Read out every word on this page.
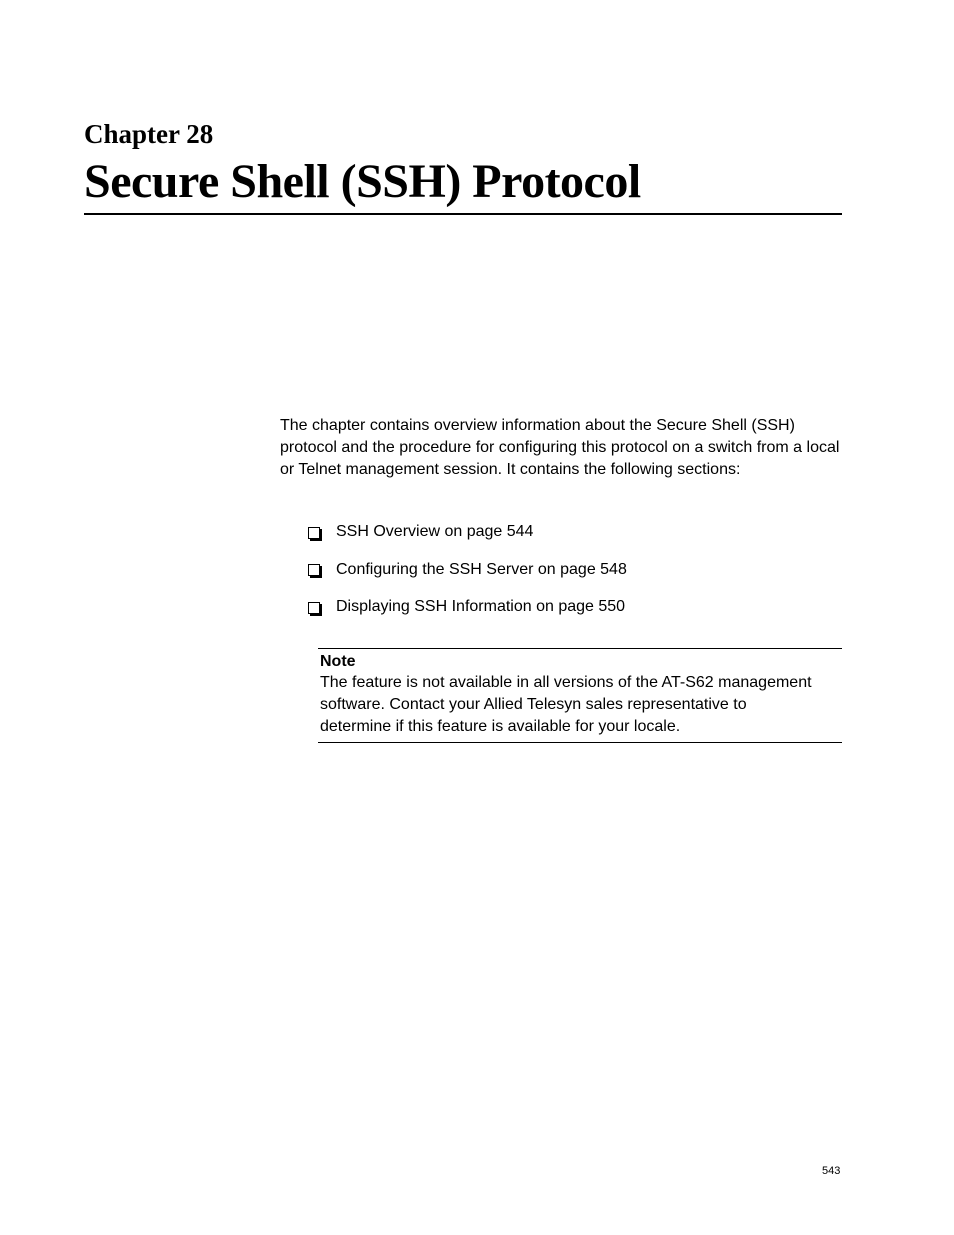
Chapter 28
Secure Shell (SSH) Protocol

The chapter contains overview information about the Secure Shell (SSH) protocol and the procedure for configuring this protocol on a switch from a local or Telnet management session. It contains the following sections:

SSH Overview on page 544
Configuring the SSH Server on page 548
Displaying SSH Information on page 550

Note

The feature is not available in all versions of the AT-S62 management software. Contact your Allied Telesyn sales representative to determine if this feature is available for your locale.

543
